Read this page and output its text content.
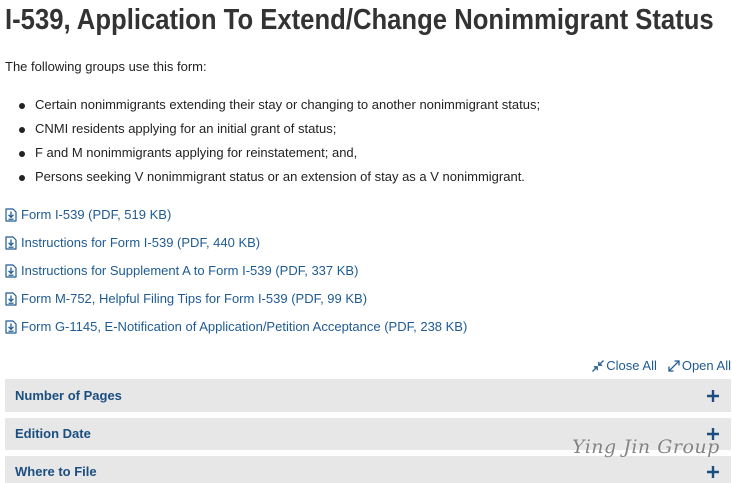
I-539, Application To Extend/Change Nonimmigrant Status

The following groups use this form:

Certain nonimmigrants extending their stay or changing to another nonimmigrant status;
CNMI residents applying for an initial grant of status;
F and M nonimmigrants applying for reinstatement; and,
Persons seeking V nonimmigrant status or an extension of stay as a V nonimmigrant.
Form I-539 (PDF, 519 KB)
Instructions for Form I-539 (PDF, 440 KB)
Instructions for Supplement A to Form I-539 (PDF, 337 KB)
Form M-752, Helpful Filing Tips for Form I-539 (PDF, 99 KB)
Form G-1145, E-Notification of Application/Petition Acceptance (PDF, 238 KB)
Close All Open All
Number of Pages
Edition Date
Where to File
Ying Jin Group
